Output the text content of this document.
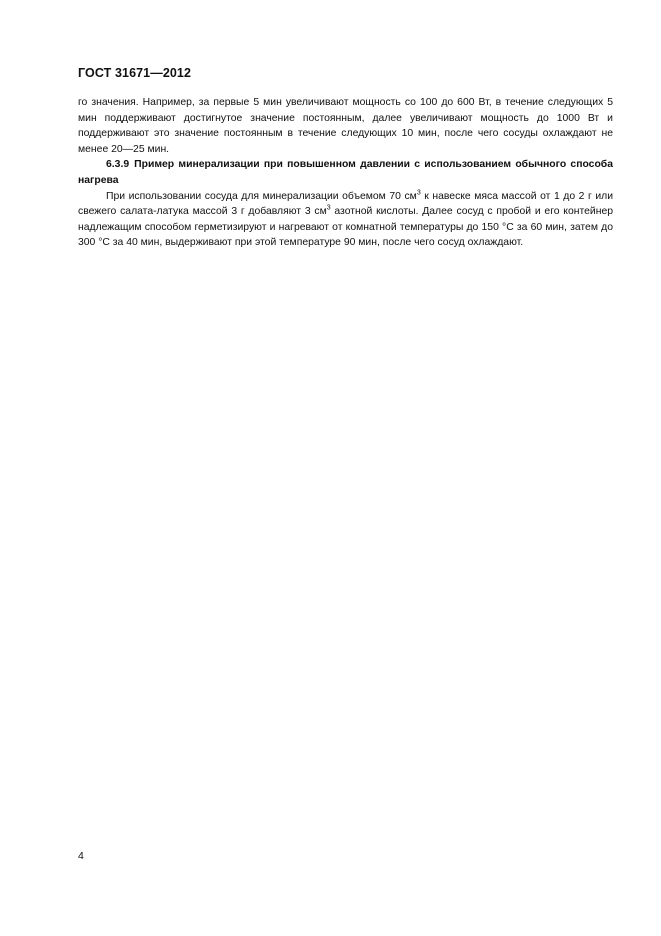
ГОСТ 31671—2012

го значения. Например, за первые 5 мин увеличивают мощность со 100 до 600 Вт, в течение следующих 5 мин поддерживают достигнутое значение постоянным, далее увеличивают мощность до 1000 Вт и поддерживают это значение постоянным в течение следующих 10 мин, после чего сосуды охлаждают не менее 20—25 мин.

6.3.9 Пример минерализации при повышенном давлении с использованием обычного способа нагрева

При использовании сосуда для минерализации объемом 70 $см^3$ к навеске мяса массой от 1 до 2 г или свежего салата-латука массой 3 г добавляют 3 $см^3$ азотной кислоты. Далее сосуд с пробой и его контейнер надлежащим способом герметизируют и нагревают от комнатной температуры до 150 °С за 60 мин, затем до 300 °С за 40 мин, выдерживают при этой температуре 90 мин, после чего сосуд охлаждают.

4
